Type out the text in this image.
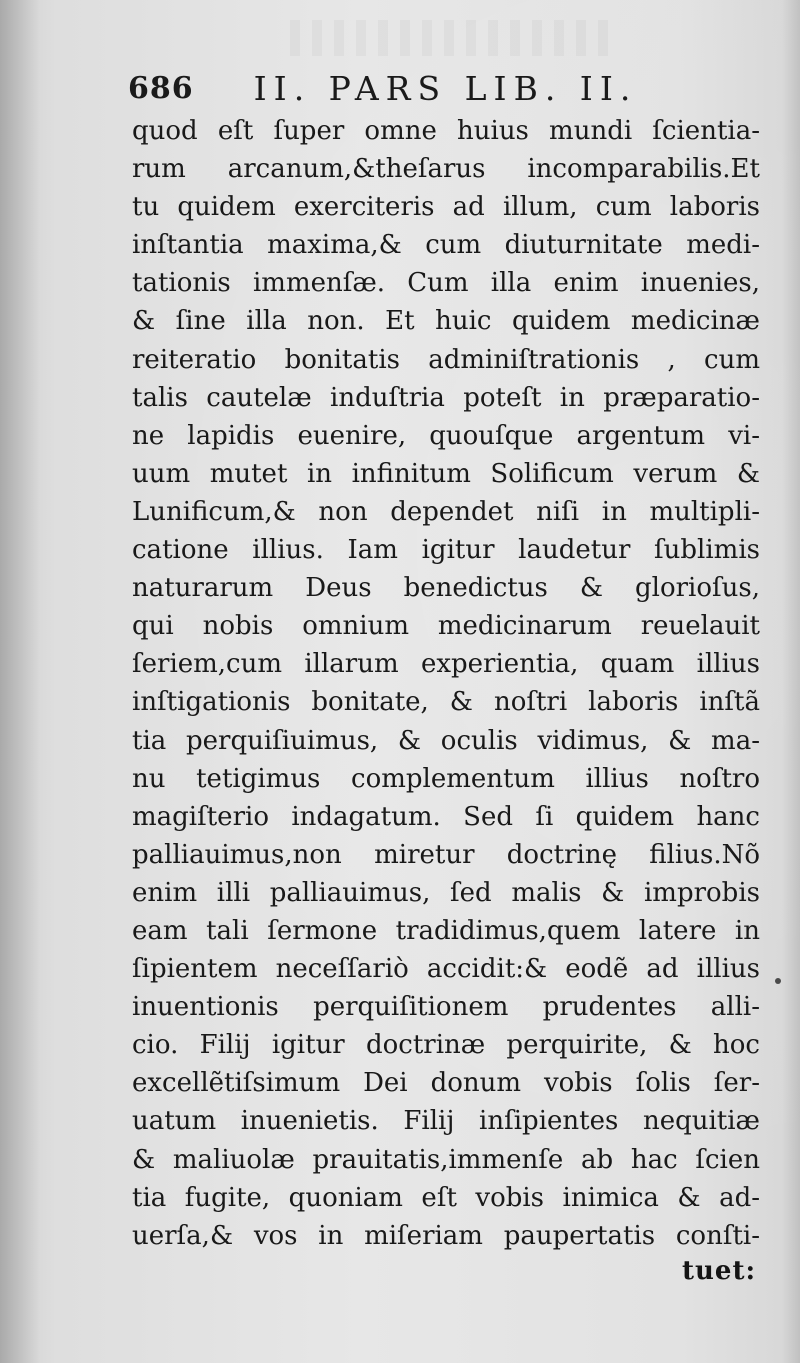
686 II. PARS LIB. II.
quod eſt ſuper omne huius mundi ſcientia-
rum arcanum,&theſarus incomparabilis.Et
tu quidem exerciteris ad illum, cum laboris
inſtantia maxima,& cum diuturnitate medi-
tationis immenſæ. Cum illa enim inuenies,
& ſine illa non. Et huic quidem medicinæ
reiteratio bonitatis adminiſtrationis , cum
talis cautelæ induſtria poteſt in præparatio-
ne lapidis euenire, quouſque argentum vi-
uum mutet in infinitum Solificum verum &
Lunificum,& non dependet niſi in multipli-
catione illius. Iam igitur laudetur ſublimis
naturarum Deus benedictus & glorioſus,
qui nobis omnium medicinarum reuelauit
ſeriem,cum illarum experientia, quam illius
inſtigationis bonitate, & noſtri laboris inſtã
tia perquiſiuimus, & oculis vidimus, & ma-
nu tetigimus complementum illius noſtro
magiſterio indagatum. Sed ſi quidem hanc
palliauimus,non miretur doctrinę filius.Nõ
enim illi palliauimus, ſed malis & improbis
eam tali ſermone tradidimus,quem latere in
ſipientem neceſſariò accidit:& eodẽ ad illius
inuentionis perquiſitionem prudentes alli-
cio. Filij igitur doctrinæ perquirite, & hoc
excellẽtiſsimum Dei donum vobis ſolis ſer-
uatum inuenietis. Filij inſipientes nequitiæ
& maliuolæ prauitatis,immenſe ab hac ſcien
tia fugite, quoniam eſt vobis inimica & ad-
uerſa,& vos in miſeriam paupertatis conſti-
tuet:
